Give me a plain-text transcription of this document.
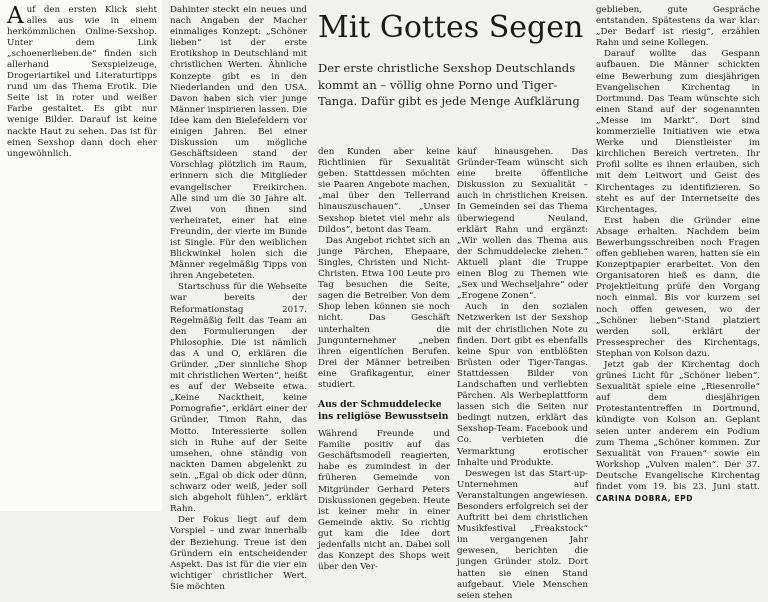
Auf den ersten Klick sieht alles aus wie in einem herkömmlichen Online-Sexshop. Unter dem Link „schoenerlieben.de“ finden sich allerhand Sexspielzeuge, Drogeriartikel und Literaturtipps rund um das Thema Erotik. Die Seite ist in roter und weißer Farbe gestaltet. Es gibt nur wenige Bilder. Darauf ist keine nackte Haut zu sehen. Das ist für einen Sexshop dann doch eher ungewöhnlich.

Dahinter steckt ein neues und nach Angaben der Macher einmaliges Konzept: „Schöner lieben“ ist der erste Erotikshop in Deutschland mit christlichen Werten. Ähnliche Konzepte gibt es in den Niederlanden und den USA. Davon haben sich vier junge Männer inspirieren lassen. Die Idee kam den Bielefeldern vor einigen Jahren. Bei einer Diskussion um mögliche Geschäftsideen stand der Vorschlag plötzlich im Raum, erinnern sich die Mitglieder evangelischer Freikirchen. Alle sind um die 30 Jahre alt. Zwei von ihnen sind verheiratet, einer hat eine Freundin, der vierte im Bunde ist Single. Für den weiblichen Blickwinkel holen sich die Männer regelmäßig Tipps von ihren Angebeteten.

Startschuss für die Webseite war bereits der Reformationstag 2017. Regelmäßig feilt das Team an den Formulierungen der Philosophie. Die ist nämlich das A und O, erklären die Gründer. „Der sinnliche Shop mit christlichen Werten“, heißt es auf der Webseite etwa. „Keine Nacktheit, keine Pornografie“, erklärt einer der Gründer, Timon Rahn, das Motto. Interessierte sollen sich in Ruhe auf der Seite umsehen, ohne ständig von nackten Damen abgelenkt zu sein. „Egal ob dick oder dünn, schwarz oder weiß, jeder soll sich abgeholt fühlen“, erklärt Rahn.

Der Fokus liegt auf dem Vorspiel – und zwar innerhalb der Beziehung. Treue ist den Gründern ein entscheidender Aspekt. Das ist für die vier ein wichtiger christlicher Wert. Sie möchten

Mit Gottes Segen
Der erste christliche Sexshop Deutschlands kommt an – völlig ohne Porno und Tiger-Tanga. Dafür gibt es jede Menge Aufklärung

den Kunden aber keine Richtlinien für Sexualität geben. Stattdessen möchten sie Paaren Angebote machen, „mal über den Tellerrand hinauszuschauen“. „Unser Sexshop bietet viel mehr als Dildos“, betont das Team.

Das Angebot richtet sich an junge Pärchen, Ehepaare, Singles, Christen und Nicht-Christen. Etwa 100 Leute pro Tag besuchen die Seite, sagen die Betreiber. Von dem Shop leben können sie noch nicht. Das Geschäft unterhalten die Jungunternehmer „neben ihren eigentlichen Berufen. Drei der Männer betreiben eine Grafikagentur, einer studiert.

Aus der Schmuddelecke ins religiöse Bewusstsein

Während Freunde und Familie positiv auf das Geschäftsmodell reagierten, habe es zumindest in der früheren Gemeinde von Mitgründer Gerhard Peters Diskussionen gegeben. Heute ist keiner mehr in einer Gemeinde aktiv. So richtig gut kam die Idee dort jedenfalls nicht an. Dabei soll das Konzept des Shops weit über den Ver-

kauf hinausgehen. Das Gründer-Team wünscht sich eine breite öffentliche Diskussion zu Sexualität – auch in christlichen Kreisen. In Gemeinden sei das Thema überwiegend Neuland, erklärt Rahn und ergänzt: „Wir wollen das Thema aus der Schmuddelecke ziehen.“ Aktuell plant die Truppe einen Blog zu Themen wie „Sex und Wechseljahre“ oder „Erogene Zonen“.

Auch in den sozialen Netzwerken ist der Sexshop mit der christlichen Note zu finden. Dort gibt es ebenfalls keine Spur von entblößten Brüsten oder Tiger-Tangas. Stattdessen Bilder von Landschaften und verliebten Pärchen. Als Werbeplattform lassen sich die Seiten nur bedingt nutzen, erklärt das Sexshop-Team. Facebook und Co. verbieten die Vermarktung erotischer Inhalte und Produkte.

Deswegen ist das Start-up-Unternehmen auf Veranstaltungen angewiesen. Besonders erfolgreich sei der Auftritt bei dem christlichen Musikfestival „Freakstock“ im vergangenen Jahr gewesen, berichten die jungen Gründer stolz. Dort hatten sie einen Stand aufgebaut. Viele Menschen seien stehen

geblieben, gute Gespräche entstanden. Spätestens da war klar: „Der Bedarf ist riesig“, erzählen Rahn und seine Kollegen.

Darauf wollte das Gespann aufbauen. Die Männer schickten eine Bewerbung zum diesjährigen Evangelischen Kirchentag in Dortmund. Das Team wünschte sich einen Stand auf der sogenannten „Messe im Markt“. Dort sind kommerzielle Initiativen wie etwa Werke und Dienstleister im kirchlichen Bereich vertreten. Ihr Profil sollte es ihnen erlauben, sich mit dem Leitwort und Geist des Kirchentages zu identifizieren. So steht es auf der Internetseite des Kirchentages.

Erst haben die Gründer eine Absage erhalten. Nachdem beim Bewerbungsschreiben noch Fragen offen geblieben waren, hatten sie ein Konzeptpapier erarbeitet. Von den Organisatoren hieß es dann, die Projektleitung prüfe den Vorgang noch einmal. Bis vor kurzem sei noch offen gewesen, wo der „Schöner lieben“-Stand platziert werden soll, erklärt der Pressesprecher des Kirchentags, Stephan von Kolson dazu.

Jetzt gab der Kirchentag doch grünes Licht für „Schöner lieben“. Sexualität spiele eine „Riesenrolle“ auf dem diesjährigen Protestantentreffen in Dortmund, kündigte von Kolson an. Geplant seien unter anderem ein Podium zum Thema „Schöner kommen. Zur Sexualität von Frauen“ sowie ein Workshop „Vulven malen“. Der 37. Deutsche Evangelische Kirchentag findet vom 19. bis 23. Juni statt. CARINA DOBRA, EPD
